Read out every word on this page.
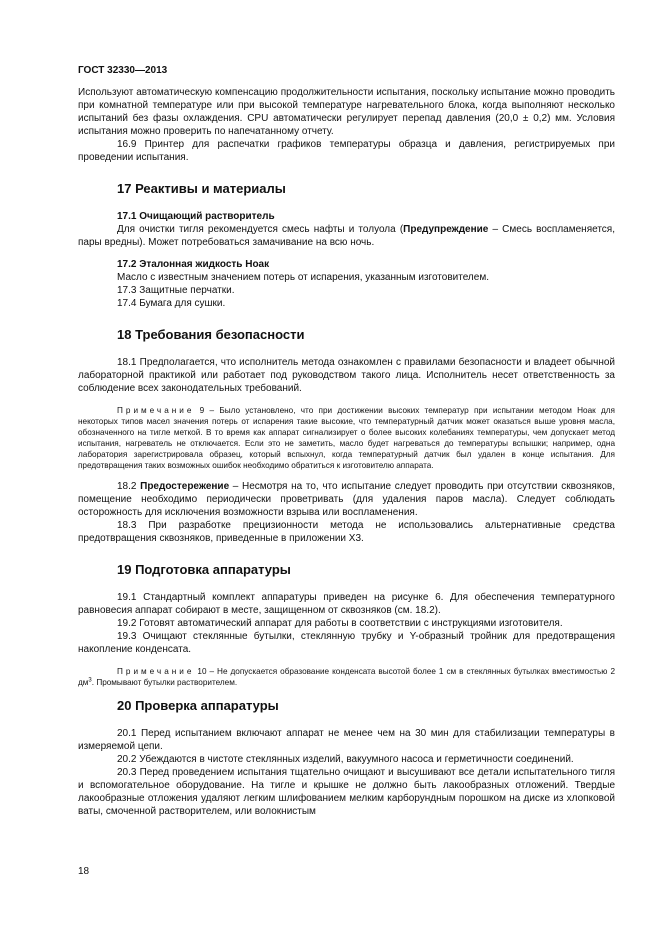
ГОСТ 32330—2013

Используют автоматическую компенсацию продолжительности испытания, поскольку испытание можно проводить при комнатной температуре или при высокой температуре нагревательного блока, когда выполняют несколько испытаний без фазы охлаждения. CPU автоматически регулирует перепад давления (20,0 ± 0,2) мм. Условия испытания можно проверить по напечатанному отчету.

16.9 Принтер для распечатки графиков температуры образца и давления, регистрируемых при проведении испытания.

17 Реактивы и материалы

17.1 Очищающий растворитель

Для очистки тигля рекомендуется смесь нафты и толуола (Предупреждение – Смесь воспламеняется, пары вредны). Может потребоваться замачивание на всю ночь.

17.2 Эталонная жидкость Ноак

Масло с известным значением потерь от испарения, указанным изготовителем.

17.3 Защитные перчатки.

17.4 Бумага для сушки.

18 Требования безопасности

18.1 Предполагается, что исполнитель метода ознакомлен с правилами безопасности и владеет обычной лабораторной практикой или работает под руководством такого лица. Исполнитель несет ответственность за соблюдение всех законодательных требований.

Примечание 9 – Было установлено, что при достижении высоких температур при испытании методом Ноак для некоторых типов масел значения потерь от испарения такие высокие, что температурный датчик может оказаться выше уровня масла, обозначенного на тигле меткой. В то время как аппарат сигнализирует о более высоких колебаниях температуры, чем допускает метод испытания, нагреватель не отключается. Если это не заметить, масло будет нагреваться до температуры вспышки; например, одна лаборатория зарегистрировала образец, который вспыхнул, когда температурный датчик был удален в конце испытания. Для предотвращения таких возможных ошибок необходимо обратиться к изготовителю аппарата.

18.2 Предостережение – Несмотря на то, что испытание следует проводить при отсутствии сквозняков, помещение необходимо периодически проветривать (для удаления паров масла). Следует соблюдать осторожность для исключения возможности взрыва или воспламенения.

18.3 При разработке прецизионности метода не использовались альтернативные средства предотвращения сквозняков, приведенные в приложении Х3.

19 Подготовка аппаратуры

19.1 Стандартный комплект аппаратуры приведен на рисунке 6. Для обеспечения температурного равновесия аппарат собирают в месте, защищенном от сквозняков (см. 18.2).

19.2 Готовят автоматический аппарат для работы в соответствии с инструкциями изготовителя.

19.3 Очищают стеклянные бутылки, стеклянную трубку и Y-образный тройник для предотвращения накопление конденсата.

Примечание 10 – Не допускается образование конденсата высотой более 1 см в стеклянных бутылках вместимостью 2 $дм^3$. Промывают бутылки растворителем.

20 Проверка аппаратуры

20.1 Перед испытанием включают аппарат не менее чем на 30 мин для стабилизации температуры в измеряемой цепи.

20.2 Убеждаются в чистоте стеклянных изделий, вакуумного насоса и герметичности соединений.

20.3 Перед проведением испытания тщательно очищают и высушивают все детали испытательного тигля и вспомогательное оборудование. На тигле и крышке не должно быть лакообразных отложений. Твердые лакообразные отложения удаляют легким шлифованием мелким карборундным порошком на диске из хлопковой ваты, смоченной растворителем, или волокнистым

18
